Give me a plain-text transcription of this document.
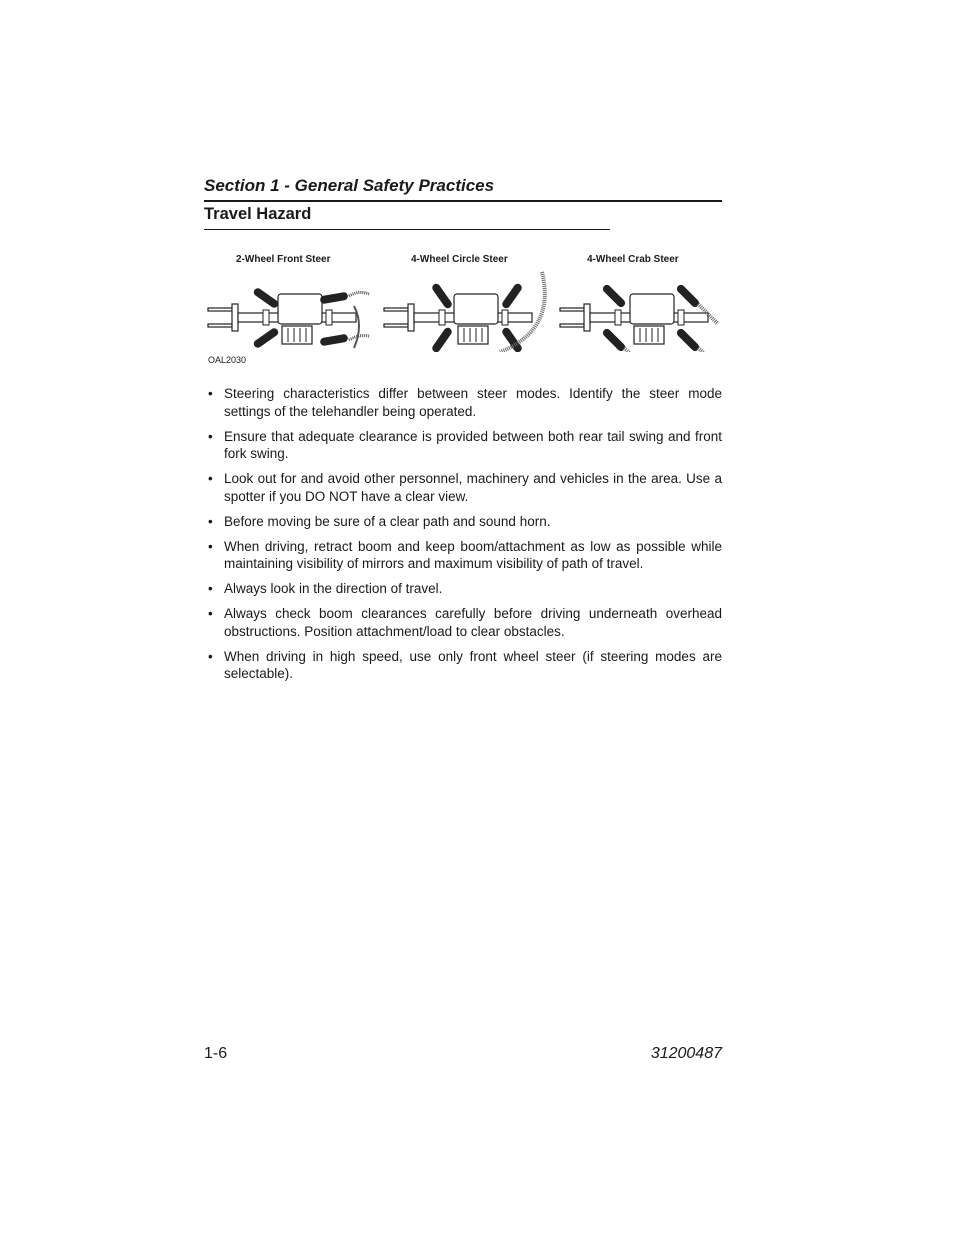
Section 1 - General Safety Practices
Travel Hazard
2-Wheel Front Steer	4-Wheel Circle Steer	4-Wheel Crab Steer
OAL2030
• Steering characteristics differ between steer modes. Identify the steer mode settings of the telehandler being operated.
• Ensure that adequate clearance is provided between both rear tail swing and front fork swing.
• Look out for and avoid other personnel, machinery and vehicles in the area. Use a spotter if you DO NOT have a clear view.
• Before moving be sure of a clear path and sound horn.
• When driving, retract boom and keep boom/attachment as low as possible while maintaining visibility of mirrors and maximum visibility of path of travel.
• Always look in the direction of travel.
• Always check boom clearances carefully before driving underneath overhead obstructions. Position attachment/load to clear obstacles.
• When driving in high speed, use only front wheel steer (if steering modes are selectable).
1-6	31200487
